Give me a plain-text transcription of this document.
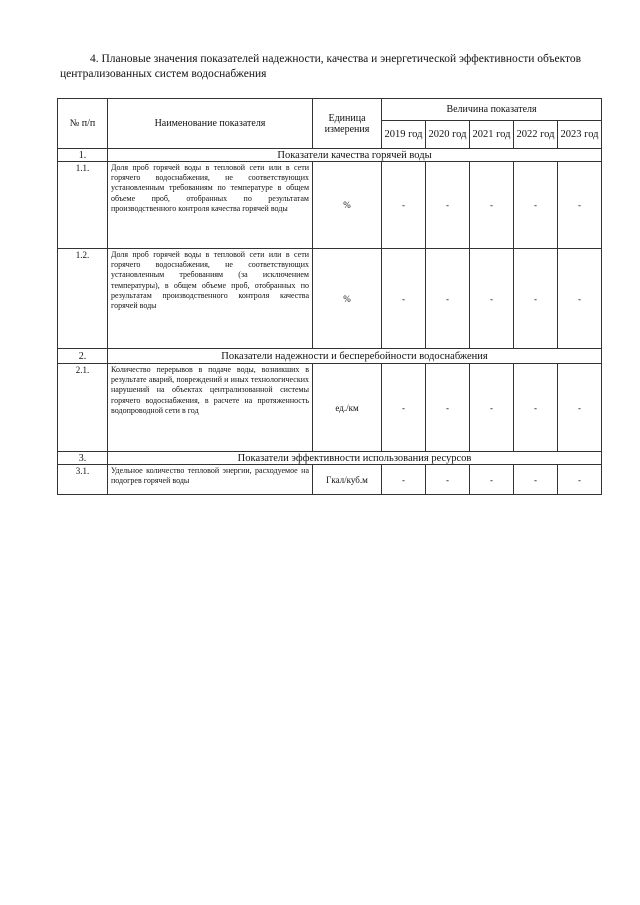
4. Плановые значения показателей надежности, качества и энергетической эффективности объектов централизованных систем водоснабжения
№ п/п	Наименование показателя	Единица измерения	Величина показателя				
			2019 год	2020 год	2021 год	2022 год	2023 год
1.	Показатели качества горячей воды						
1.1.	Доля проб горячей воды в тепловой сети или в сети горячего водоснабжения, не соответствующих установленным требованиям по температуре в общем объеме проб, отобранных по результатам производственного контроля качества горячей воды	%	-	-	-	-	-
1.2.	Доля проб горячей воды в тепловой сети или в сети горячего водоснабжения, не соответствующих установленным требованиям (за исключением температуры), в общем объеме проб, отобранных по результатам производственного контроля качества горячей воды	%	-	-	-	-	-
2.	Показатели надежности и бесперебойности водоснабжения						
2.1.	Количество перерывов в подаче воды, возникших в результате аварий, повреждений и иных технологических нарушений на объектах централизованной системы горячего водоснабжения, в расчете на протяженность водопроводной сети в год	ед./км	-	-	-	-	-
3.	Показатели эффективности использования ресурсов						
3.1.	Удельное количество тепловой энергии, расходуемое на подогрев горячей воды	Гкал/куб.м	-	-	-	-	-
